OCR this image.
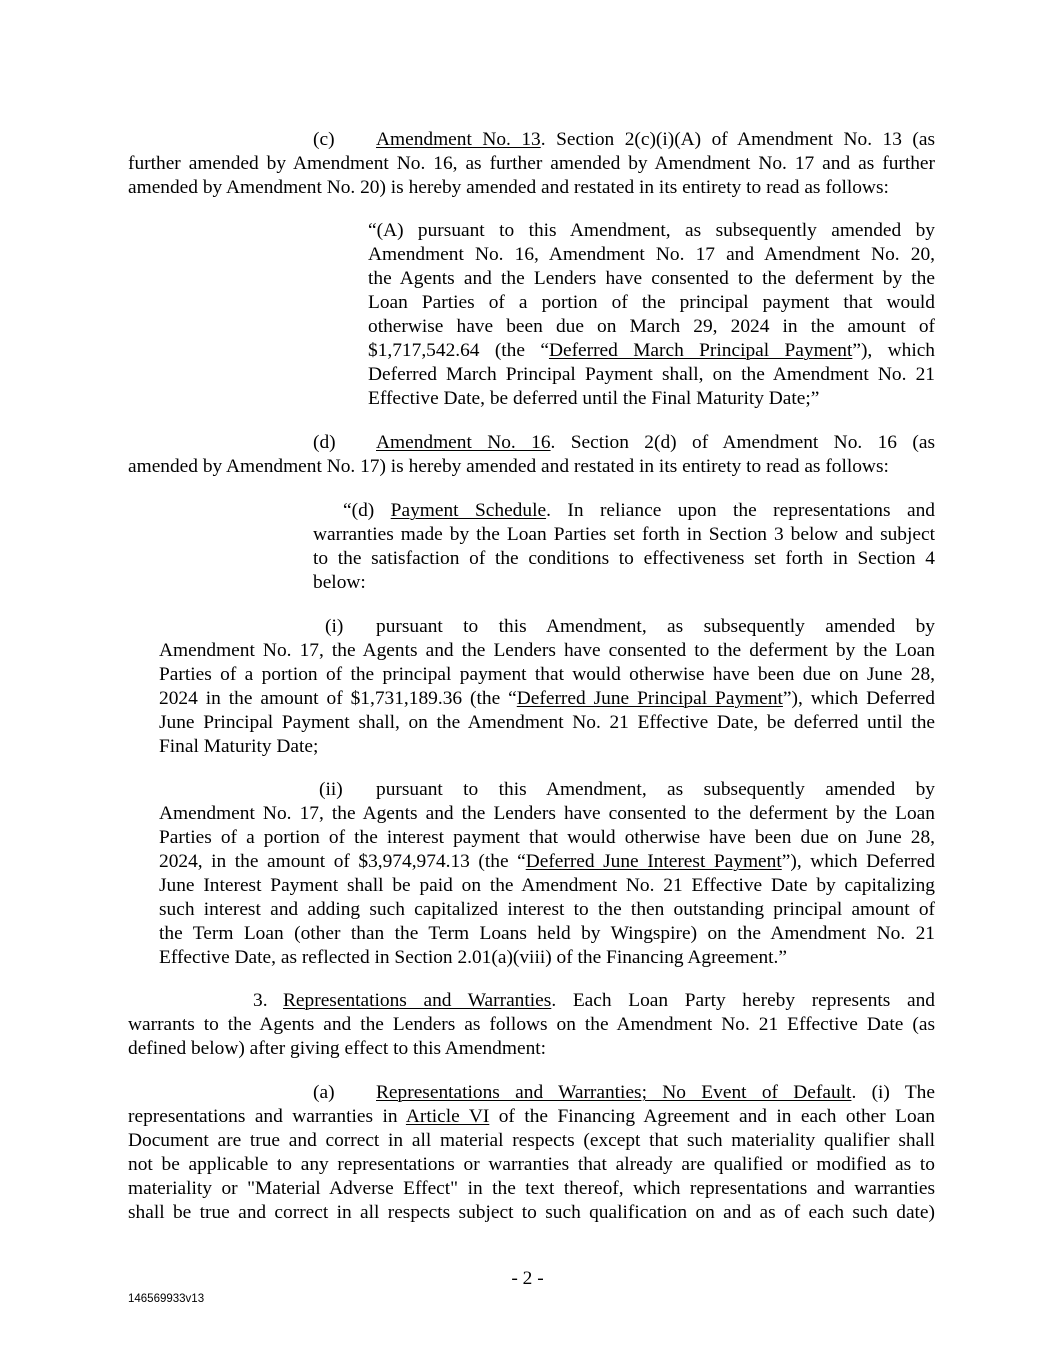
(c) Amendment No. 13. Section 2(c)(i)(A) of Amendment No. 13 (as
further amended by Amendment No. 16, as further amended by Amendment No. 17 and as further
amended by Amendment No. 20) is hereby amended and restated in its entirety to read as follows:
“(A) pursuant to this Amendment, as subsequently amended by
Amendment No. 16, Amendment No. 17 and Amendment No. 20,
the Agents and the Lenders have consented to the deferment by the
Loan Parties of a portion of the principal payment that would
otherwise have been due on March 29, 2024 in the amount of
$1,717,542.64 (the “Deferred March Principal Payment”), which
Deferred March Principal Payment shall, on the Amendment No. 21
Effective Date, be deferred until the Final Maturity Date;”
(d) Amendment No. 16. Section 2(d) of Amendment No. 16 (as
amended by Amendment No. 17) is hereby amended and restated in its entirety to read as follows:
“(d) Payment Schedule. In reliance upon the representations and
warranties made by the Loan Parties set forth in Section 3 below and subject
to the satisfaction of the conditions to effectiveness set forth in Section 4
below:
(i) pursuant to this Amendment, as subsequently amended by
Amendment No. 17, the Agents and the Lenders have consented to the deferment by the Loan
Parties of a portion of the principal payment that would otherwise have been due on June 28,
2024 in the amount of $1,731,189.36 (the “Deferred June Principal Payment”), which Deferred
June Principal Payment shall, on the Amendment No. 21 Effective Date, be deferred until the
Final Maturity Date;
(ii) pursuant to this Amendment, as subsequently amended by
Amendment No. 17, the Agents and the Lenders have consented to the deferment by the Loan
Parties of a portion of the interest payment that would otherwise have been due on June 28,
2024, in the amount of $3,974,974.13 (the “Deferred June Interest Payment”), which Deferred
June Interest Payment shall be paid on the Amendment No. 21 Effective Date by capitalizing
such interest and adding such capitalized interest to the then outstanding principal amount of
the Term Loan (other than the Term Loans held by Wingspire) on the Amendment No. 21
Effective Date, as reflected in Section 2.01(a)(viii) of the Financing Agreement.”
3. Representations and Warranties. Each Loan Party hereby represents and
warrants to the Agents and the Lenders as follows on the Amendment No. 21 Effective Date (as
defined below) after giving effect to this Amendment:
(a) Representations and Warranties; No Event of Default. (i) The
representations and warranties in Article VI of the Financing Agreement and in each other Loan
Document are true and correct in all material respects (except that such materiality qualifier shall
not be applicable to any representations or warranties that already are qualified or modified as to
materiality or "Material Adverse Effect" in the text thereof, which representations and warranties
shall be true and correct in all respects subject to such qualification on and as of each such date)
- 2 -
146569933v13
